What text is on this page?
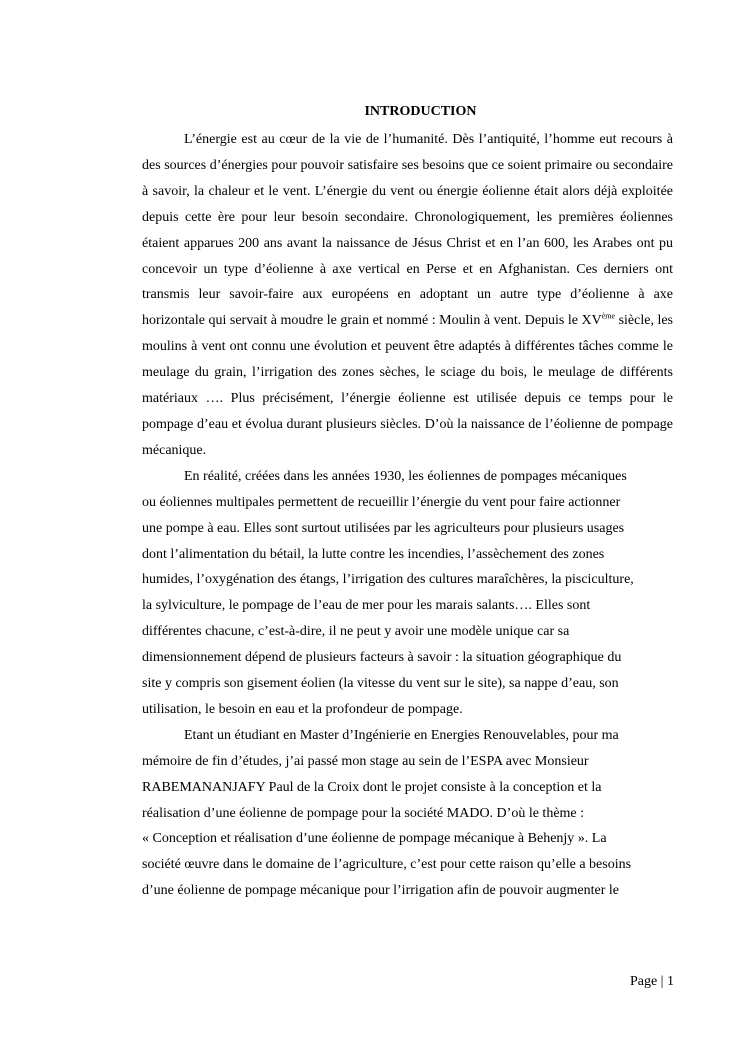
INTRODUCTION

L’énergie est au cœur de la vie de l’humanité. Dès l’antiquité, l’homme eut recours à des sources d’énergies pour pouvoir satisfaire ses besoins que ce soient primaire ou secondaire à savoir, la chaleur et le vent. L’énergie du vent ou énergie éolienne était alors déjà exploitée depuis cette ère pour leur besoin secondaire. Chronologiquement, les premières éoliennes étaient apparues 200 ans avant la naissance de Jésus Christ et en l’an 600, les Arabes ont pu concevoir un type d’éolienne à axe vertical en Perse et en Afghanistan. Ces derniers ont transmis leur savoir-faire aux européens en adoptant un autre type d’éolienne à axe horizontale qui servait à moudre le grain et nommé : Moulin à vent. Depuis le XVème siècle, les moulins à vent ont connu une évolution et peuvent être adaptés à différentes tâches comme le meulage du grain, l’irrigation des zones sèches, le sciage du bois, le meulage de différents matériaux …. Plus précisément, l’énergie éolienne est utilisée depuis ce temps pour le pompage d’eau et évolua durant plusieurs siècles. D’où la naissance de l’éolienne de pompage mécanique.

En réalité, créées dans les années 1930, les éoliennes de pompages mécaniques
ou éoliennes multipales permettent de recueillir l’énergie du vent pour faire actionner
une pompe à eau. Elles sont surtout utilisées par les agriculteurs pour plusieurs usages
dont l’alimentation du bétail, la lutte contre les incendies, l’assèchement des zones
humides, l’oxygénation des étangs, l’irrigation des cultures maraîchères, la pisciculture,
la sylviculture, le pompage de l’eau de mer pour les marais salants…. Elles sont
différentes chacune, c’est-à-dire, il ne peut y avoir une modèle unique car sa
dimensionnement dépend de plusieurs facteurs à savoir : la situation géographique du
site y compris son gisement éolien (la vitesse du vent sur le site), sa nappe d’eau, son
utilisation, le besoin en eau et la profondeur de pompage.

Etant un étudiant en Master d’Ingénierie en Energies Renouvelables, pour ma
mémoire de fin d’études, j’ai passé mon stage au sein de l’ESPA avec Monsieur
RABEMANANJAFY Paul de la Croix dont le projet consiste à la conception et la
réalisation d’une éolienne de pompage pour la société MADO. D’où le thème :
« Conception et réalisation d’une éolienne de pompage mécanique à Behenjy ». La
société œuvre dans le domaine de l’agriculture, c’est pour cette raison qu’elle a besoins
d’une éolienne de pompage mécanique pour l’irrigation afin de pouvoir augmenter le

Page | 1
